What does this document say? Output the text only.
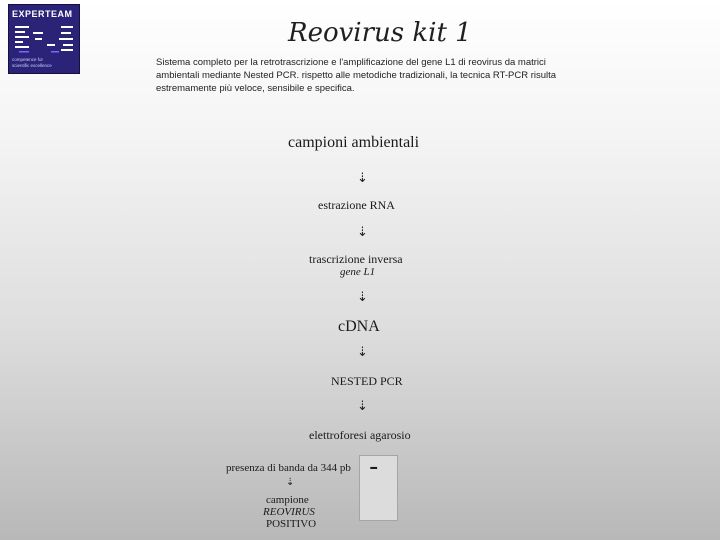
EXPERTEAM
competence for
scientific excellence
Reovirus kit 1
Sistema completo per la retrotrascrizione e l'amplificazione del gene L1 di reovirus da matrici ambientali mediante Nested PCR. rispetto alle metodiche tradizionali, la tecnica RT-PCR risulta estremamente più veloce, sensibile e specifica.
campioni ambientali
⇣
estrazione RNA
⇣
trascrizione inversa
gene L1
⇣
cDNA
⇣
NESTED PCR
⇣
elettroforesi agarosio
presenza di banda da 344 pb
⇣
campione
REOVIRUS
POSITIVO
-
